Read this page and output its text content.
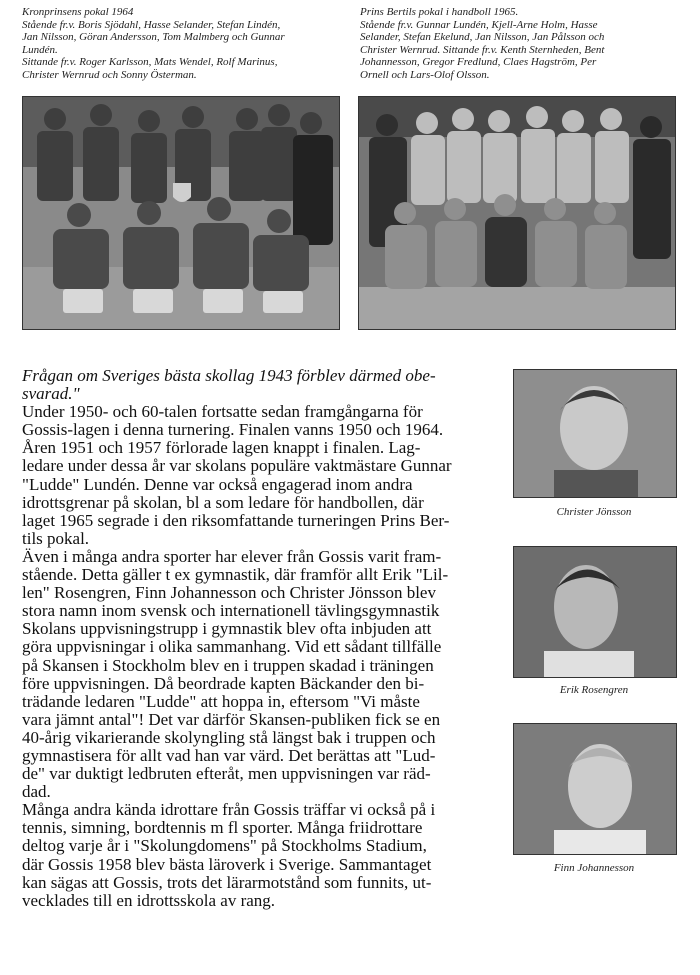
Kronprinsens pokal 1964
Stående fr.v. Boris Sjödahl, Hasse Selander, Stefan Lindén,
Jan Nilsson, Göran Andersson, Tom Malmberg och Gunnar
Lundén.
Sittande fr.v. Roger Karlsson, Mats Wendel, Rolf Marinus,
Christer Wernrud och Sonny Österman.
Prins Bertils pokal i handboll 1965.
Stående fr.v. Gunnar Lundén, Kjell-Arne Holm, Hasse
Selander, Stefan Ekelund, Jan Nilsson, Jan Pålsson och
Christer Wernrud. Sittande fr.v. Kenth Sternheden, Bent
Johannesson, Gregor Fredlund, Claes Hagström, Per
Ornell och Lars-Olof Olsson.
Frågan om Sveriges bästa skollag 1943 förblev därmed obe-
svarad."
Under 1950- och 60-talen fortsatte sedan framgångarna för
Gossis-lagen i denna turnering. Finalen vanns 1950 och 1964.
Åren 1951 och 1957 förlorade lagen knappt i finalen. Lag-
ledare under dessa år var skolans populäre vaktmästare Gunnar
"Ludde" Lundén. Denne var också engagerad inom andra
idrottsgrenar på skolan, bl a som ledare för handbollen, där
laget 1965 segrade i den riksomfattande turneringen Prins Ber-
tils pokal.
Även i många andra sporter har elever från Gossis varit fram-
stående. Detta gäller t ex gymnastik, där framför allt Erik "Lil-
len" Rosengren, Finn Johannesson och Christer Jönsson blev
stora namn inom svensk och internationell tävlingsgymnastik
Skolans uppvisningstrupp i gymnastik blev ofta inbjuden att
göra uppvisningar i olika sammanhang. Vid ett sådant tillfälle
på Skansen i Stockholm blev en i truppen skadad i träningen
före uppvisningen. Då beordrade kapten Bäckander den bi-
trädande ledaren "Ludde" att hoppa in, eftersom "Vi måste
vara jämnt antal"! Det var därför Skansen-publiken fick se en
40-årig vikarierande skolyngling stå längst bak i truppen och
gymnastisera för allt vad han var värd. Det berättas att "Lud-
de" var duktigt ledbruten efteråt, men uppvisningen var räd-
dad.
Många andra kända idrottare från Gossis träffar vi också på i
tennis, simning, bordtennis m fl sporter. Många friidrottare
deltog varje år i "Skolungdomens" på Stockholms Stadium,
där Gossis 1958 blev bästa läroverk i Sverige. Sammantaget
kan sägas att Gossis, trots det lärarmotstånd som funnits, ut-
vecklades till en idrottsskola av rang.
Christer Jönsson
Erik Rosengren
Finn Johannesson
